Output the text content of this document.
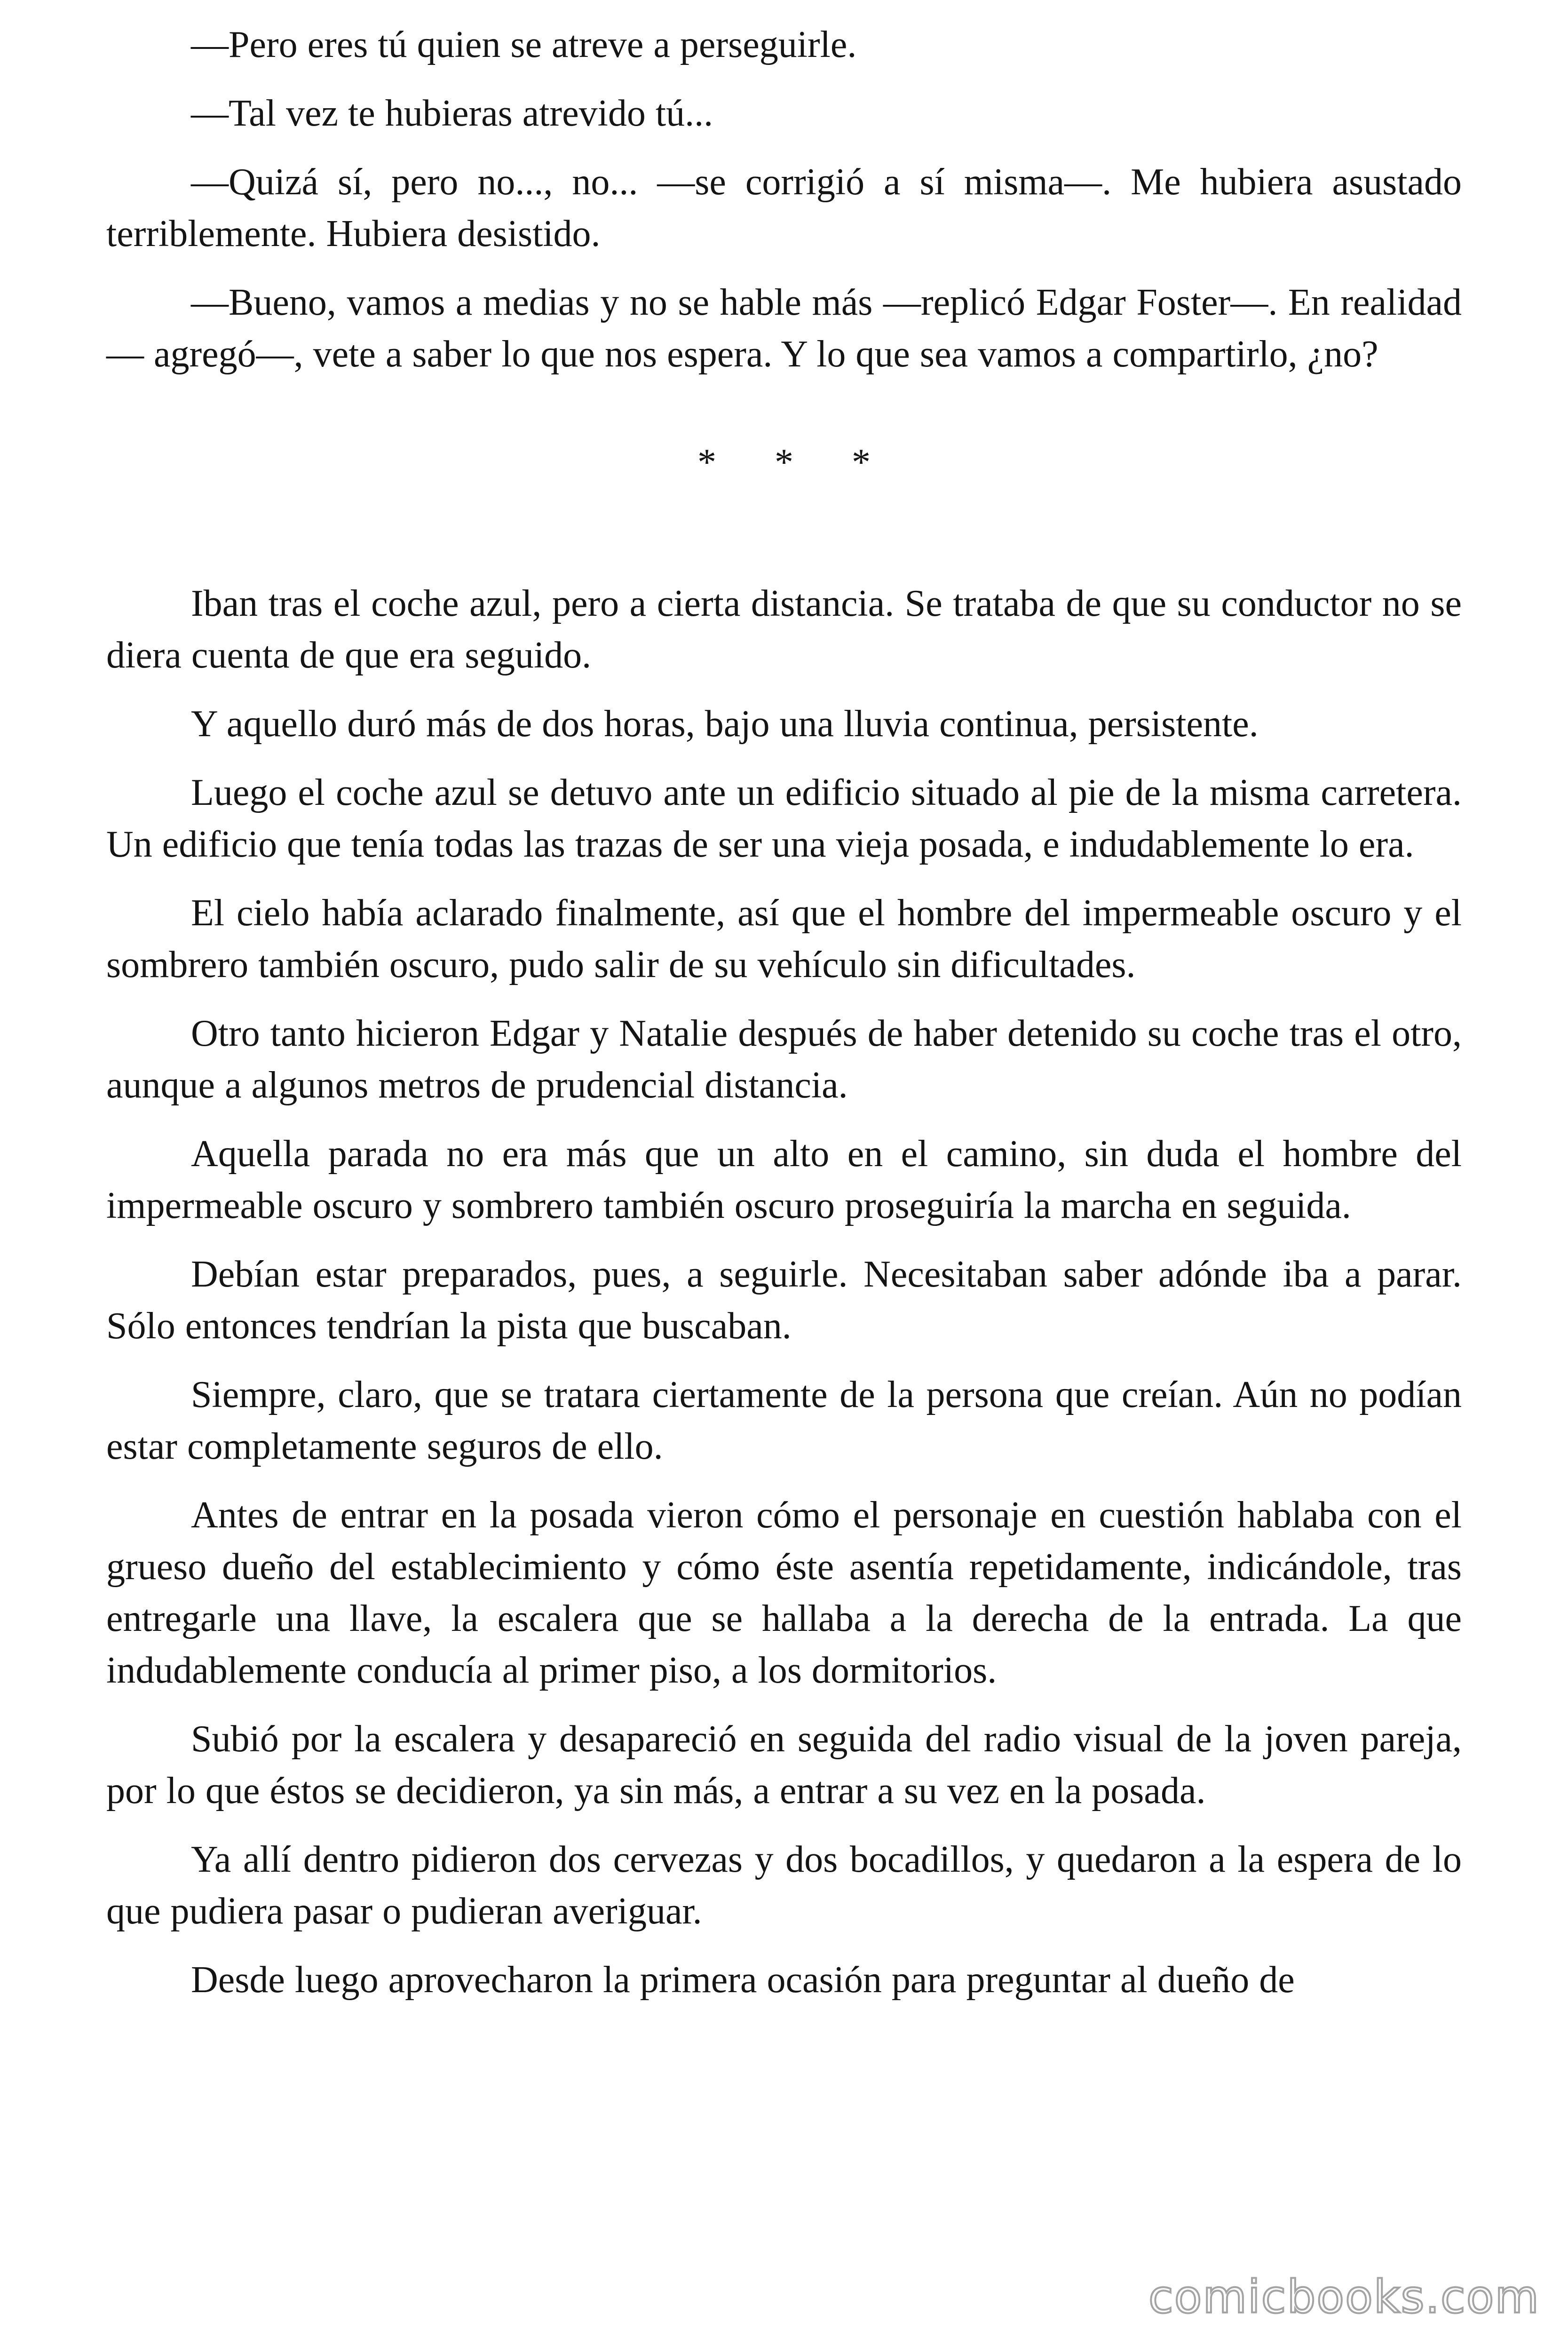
—Pero eres tú quien se atreve a perseguirle.

—Tal vez te hubieras atrevido tú...

—Quizá sí, pero no..., no... —se corrigió a sí misma—. Me hubiera asustado terriblemente. Hubiera desistido.

—Bueno, vamos a medias y no se hable más —replicó Edgar Foster—. En realidad — agregó—, vete a saber lo que nos espera. Y lo que sea vamos a compartirlo, ¿no?

* * *

Iban tras el coche azul, pero a cierta distancia. Se trataba de que su conductor no se diera cuenta de que era seguido.

Y aquello duró más de dos horas, bajo una lluvia continua, persistente.

Luego el coche azul se detuvo ante un edificio situado al pie de la misma carretera. Un edificio que tenía todas las trazas de ser una vieja posada, e indudablemente lo era.

El cielo había aclarado finalmente, así que el hombre del impermeable oscuro y el sombrero también oscuro, pudo salir de su vehículo sin dificultades.

Otro tanto hicieron Edgar y Natalie después de haber detenido su coche tras el otro, aunque a algunos metros de prudencial distancia.

Aquella parada no era más que un alto en el camino, sin duda el hombre del impermeable oscuro y sombrero también oscuro proseguiría la marcha en seguida.

Debían estar preparados, pues, a seguirle. Necesitaban saber adónde iba a parar. Sólo entonces tendrían la pista que buscaban.

Siempre, claro, que se tratara ciertamente de la persona que creían. Aún no podían estar completamente seguros de ello.

Antes de entrar en la posada vieron cómo el personaje en cuestión hablaba con el grueso dueño del establecimiento y cómo éste asentía repetidamente, indicándole, tras entregarle una llave, la escalera que se hallaba a la derecha de la entrada. La que indudablemente conducía al primer piso, a los dormitorios.

Subió por la escalera y desapareció en seguida del radio visual de la joven pareja, por lo que éstos se decidieron, ya sin más, a entrar a su vez en la posada.

Ya allí dentro pidieron dos cervezas y dos bocadillos, y quedaron a la espera de lo que pudiera pasar o pudieran averiguar.

Desde luego aprovecharon la primera ocasión para preguntar al dueño de

comicbooks.com
